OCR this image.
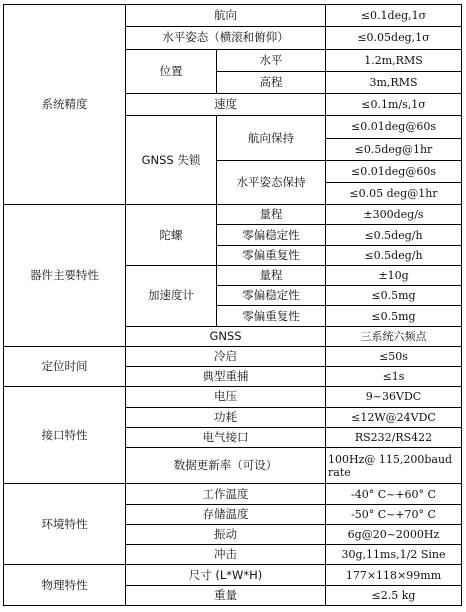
系统精度	航向		≤0.1deg,1σ
	水平姿态（横滚和俯仰）		≤0.05deg,1σ
	位置	水平	1.2m,RMS
		高程	3m,RMS
	速度		≤0.1m/s,1σ
	GNSS 失锁	航向保持	≤0.01deg@60s
			≤0.5deg@1hr
		水平姿态保持	≤0.01deg@60s
			≤0.05 deg@1hr
器件主要特性	陀螺	量程	±300deg/s
		零偏稳定性	≤0.5deg/h
		零偏重复性	≤0.5deg/h
	加速度计	量程	±10g
		零偏稳定性	≤0.5mg
		零偏重复性	≤0.5mg
	GNSS		三系统六频点
定位时间	冷启		≤50s
	典型重捕		≤1s
接口特性	电压		9~36VDC
	功耗		≤12W@24VDC
	电气接口		RS232/RS422
	数据更新率（可设）		100Hz@ 115,200baud
rate
环境特性	工作温度		-40° C~+60° C
	存储温度		-50° C~+70° C
	振动		6g@20~2000Hz
	冲击		30g,11ms,1/2 Sine
物理特性	尺寸 (L*W*H)		177×118×99mm
	重量		≤2.5 kg
